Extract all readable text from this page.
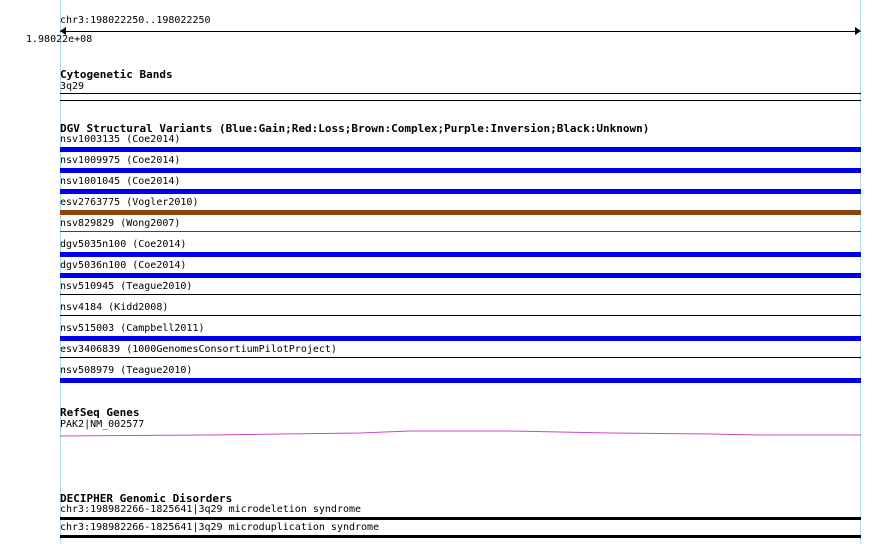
chr3:198022250..198022250
1.98022e+08
Cytogenetic Bands
3q29
DGV Structural Variants (Blue:Gain;Red:Loss;Brown:Complex;Purple:Inversion;Black:Unknown)
nsv1003135 (Coe2014)
nsv1009975 (Coe2014)
nsv1001045 (Coe2014)
esv2763775 (Vogler2010)
nsv829829 (Wong2007)
dgv5035n100 (Coe2014)
dgv5036n100 (Coe2014)
nsv510945 (Teague2010)
nsv4184 (Kidd2008)
nsv515003 (Campbell2011)
esv3406839 (1000GenomesConsortiumPilotProject)
nsv508979 (Teague2010)
RefSeq Genes
PAK2|NM_002577
DECIPHER Genomic Disorders
chr3:198982266-1825641|3q29 microdeletion syndrome
chr3:198982266-1825641|3q29 microduplication syndrome
